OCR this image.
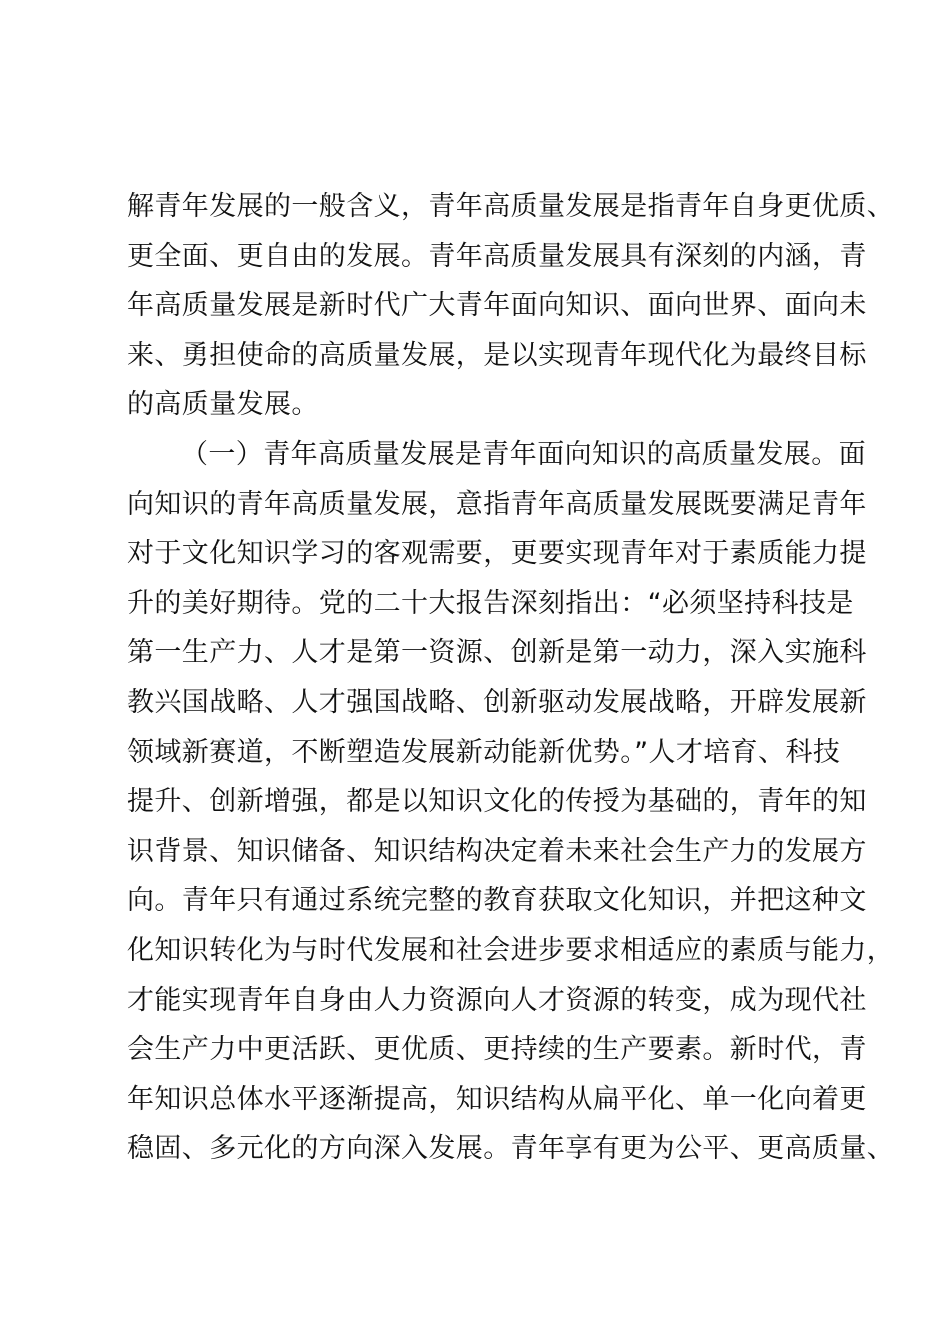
解青年发展的一般含义，青年高质量发展是指青年自身更优质、
更全面、更自由的发展。青年高质量发展具有深刻的内涵，青
年高质量发展是新时代广大青年面向知识、面向世界、面向未
来、勇担使命的高质量发展，是以实现青年现代化为最终目标
的高质量发展。
（一）青年高质量发展是青年面向知识的高质量发展。面
向知识的青年高质量发展，意指青年高质量发展既要满足青年
对于文化知识学习的客观需要，更要实现青年对于素质能力提
升的美好期待。党的二十大报告深刻指出：“必须坚持科技是
第一生产力、人才是第一资源、创新是第一动力，深入实施科
教兴国战略、人才强国战略、创新驱动发展战略，开辟发展新
领域新赛道，不断塑造发展新动能新优势。”人才培育、科技
提升、创新增强，都是以知识文化的传授为基础的，青年的知
识背景、知识储备、知识结构决定着未来社会生产力的发展方
向。青年只有通过系统完整的教育获取文化知识，并把这种文
化知识转化为与时代发展和社会进步要求相适应的素质与能力，
才能实现青年自身由人力资源向人才资源的转变，成为现代社
会生产力中更活跃、更优质、更持续的生产要素。新时代，青
年知识总体水平逐渐提高，知识结构从扁平化、单一化向着更
稳固、多元化的方向深入发展。青年享有更为公平、更高质量、
